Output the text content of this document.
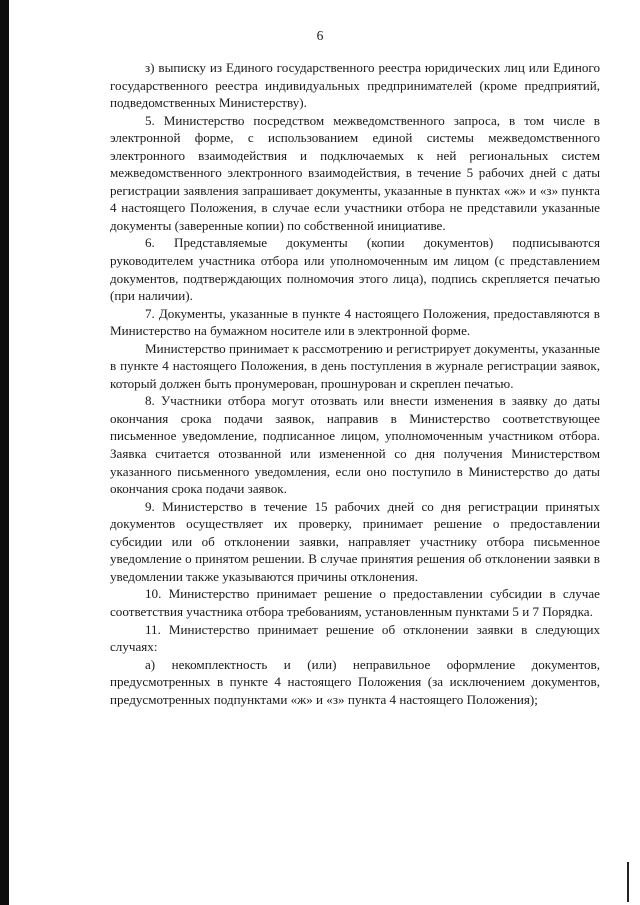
6

з) выписку из Единого государственного реестра юридических лиц или Единого государственного реестра индивидуальных предпринимателей (кроме предприятий, подведомственных Министерству).

5. Министерство посредством межведомственного запроса, в том числе в электронной форме, с использованием единой системы межведомственного электронного взаимодействия и подключаемых к ней региональных систем межведомственного электронного взаимодействия, в течение 5 рабочих дней с даты регистрации заявления запрашивает документы, указанные в пунктах «ж» и «з» пункта 4 настоящего Положения, в случае если участники отбора не представили указанные документы (заверенные копии) по собственной инициативе.

6. Представляемые документы (копии документов) подписываются руководителем участника отбора или уполномоченным им лицом (с представлением документов, подтверждающих полномочия этого лица), подпись скрепляется печатью (при наличии).

7. Документы, указанные в пункте 4 настоящего Положения, предоставляются в Министерство на бумажном носителе или в электронной форме.

Министерство принимает к рассмотрению и регистрирует документы, указанные в пункте 4 настоящего Положения, в день поступления в журнале регистрации заявок, который должен быть пронумерован, прошнурован и скреплен печатью.

8. Участники отбора могут отозвать или внести изменения в заявку до даты окончания срока подачи заявок, направив в Министерство соответствующее письменное уведомление, подписанное лицом, уполномоченным участником отбора. Заявка считается отозванной или измененной со дня получения Министерством указанного письменного уведомления, если оно поступило в Министерство до даты окончания срока подачи заявок.

9. Министерство в течение 15 рабочих дней со дня регистрации принятых документов осуществляет их проверку, принимает решение о предоставлении субсидии или об отклонении заявки, направляет участнику отбора письменное уведомление о принятом решении. В случае принятия решения об отклонении заявки в уведомлении также указываются причины отклонения.

10. Министерство принимает решение о предоставлении субсидии в случае соответствия участника отбора требованиям, установленным пунктами 5 и 7 Порядка.

11. Министерство принимает решение об отклонении заявки в следующих случаях:

а) некомплектность и (или) неправильное оформление документов, предусмотренных в пункте 4 настоящего Положения (за исключением документов, предусмотренных подпунктами «ж» и «з» пункта 4 настоящего Положения);
